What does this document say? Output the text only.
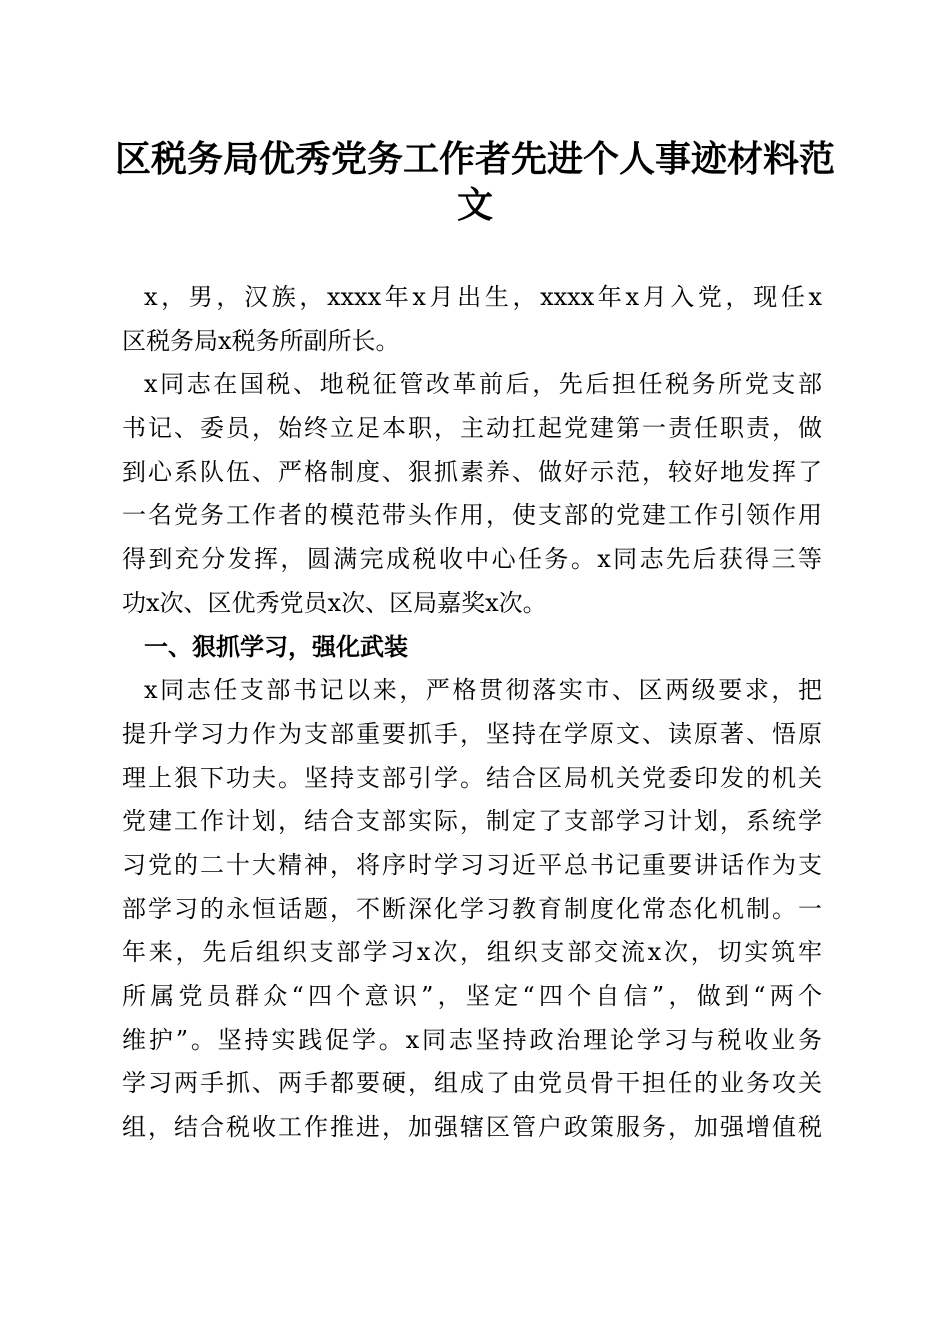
区税务局优秀党务工作者先进个人事迹材料范
文
x，男，汉族，xxxx年x月出生，xxxx年x月入党，现任x
区税务局x税务所副所长。
x同志在国税、地税征管改革前后，先后担任税务所党支部
书记、委员，始终立足本职，主动扛起党建第一责任职责，做
到心系队伍、严格制度、狠抓素养、做好示范，较好地发挥了
一名党务工作者的模范带头作用，使支部的党建工作引领作用
得到充分发挥，圆满完成税收中心任务。x同志先后获得三等
功x次、区优秀党员x次、区局嘉奖x次。
一、狠抓学习，强化武装
x同志任支部书记以来，严格贯彻落实市、区两级要求，把
提升学习力作为支部重要抓手，坚持在学原文、读原著、悟原
理上狠下功夫。坚持支部引学。结合区局机关党委印发的机关
党建工作计划，结合支部实际，制定了支部学习计划，系统学
习党的二十大精神，将序时学习习近平总书记重要讲话作为支
部学习的永恒话题，不断深化学习教育制度化常态化机制。一
年来，先后组织支部学习x次，组织支部交流x次，切实筑牢
所属党员群众“四个意识”，坚定“四个自信”，做到“两个
维护”。坚持实践促学。x同志坚持政治理论学习与税收业务
学习两手抓、两手都要硬，组成了由党员骨干担任的业务攻关
组，结合税收工作推进，加强辖区管户政策服务，加强增值税
